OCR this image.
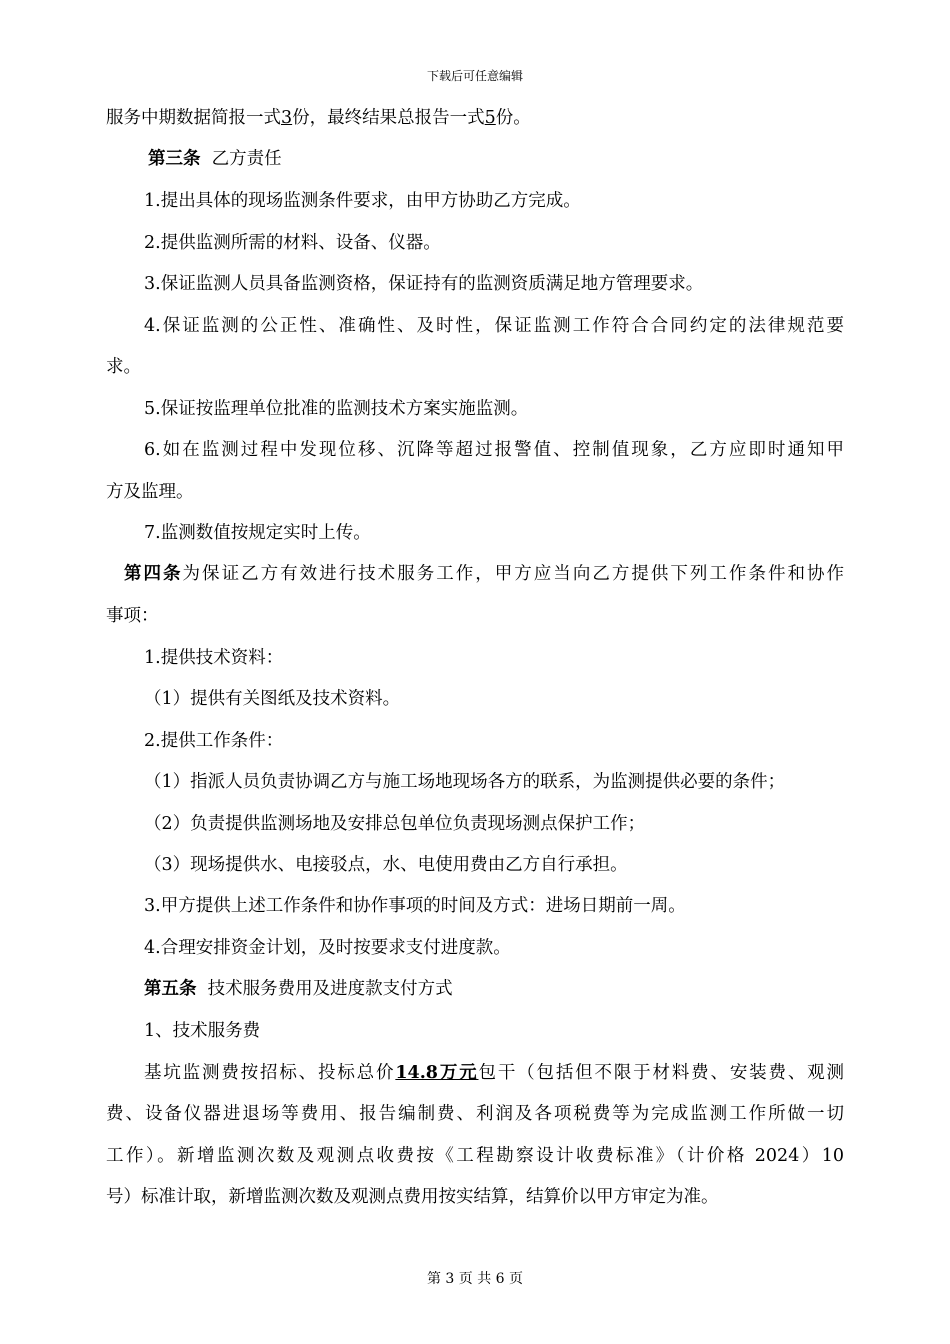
下载后可任意编辑
服务中期数据简报一式3份，最终结果总报告一式5份。
第三条 乙方责任
1.提出具体的现场监测条件要求，由甲方协助乙方完成。
2.提供监测所需的材料、设备、仪器。
3.保证监测人员具备监测资格，保证持有的监测资质满足地方管理要求。
4.保证监测的公正性、准确性、及时性，保证监测工作符合合同约定的法律规范要
求。
5.保证按监理单位批准的监测技术方案实施监测。
6.如在监测过程中发现位移、沉降等超过报警值、控制值现象，乙方应即时通知甲
方及监理。
7.监测数值按规定实时上传。
第四条为保证乙方有效进行技术服务工作，甲方应当向乙方提供下列工作条件和协作
事项：
1.提供技术资料：
（1）提供有关图纸及技术资料。
2.提供工作条件：
（1）指派人员负责协调乙方与施工场地现场各方的联系，为监测提供必要的条件；
（2）负责提供监测场地及安排总包单位负责现场测点保护工作；
（3）现场提供水、电接驳点，水、电使用费由乙方自行承担。
3.甲方提供上述工作条件和协作事项的时间及方式：进场日期前一周。
4.合理安排资金计划，及时按要求支付进度款。
第五条 技术服务费用及进度款支付方式
1、技术服务费
基坑监测费按招标、投标总价14.8万元包干（包括但不限于材料费、安装费、观测
费、设备仪器进退场等费用、报告编制费、利润及各项税费等为完成监测工作所做一切
工作）。新增监测次数及观测点收费按《工程勘察设计收费标准》（计价格 2024）10
号）标准计取，新增监测次数及观测点费用按实结算，结算价以甲方审定为准。
第 3 页 共 6 页
